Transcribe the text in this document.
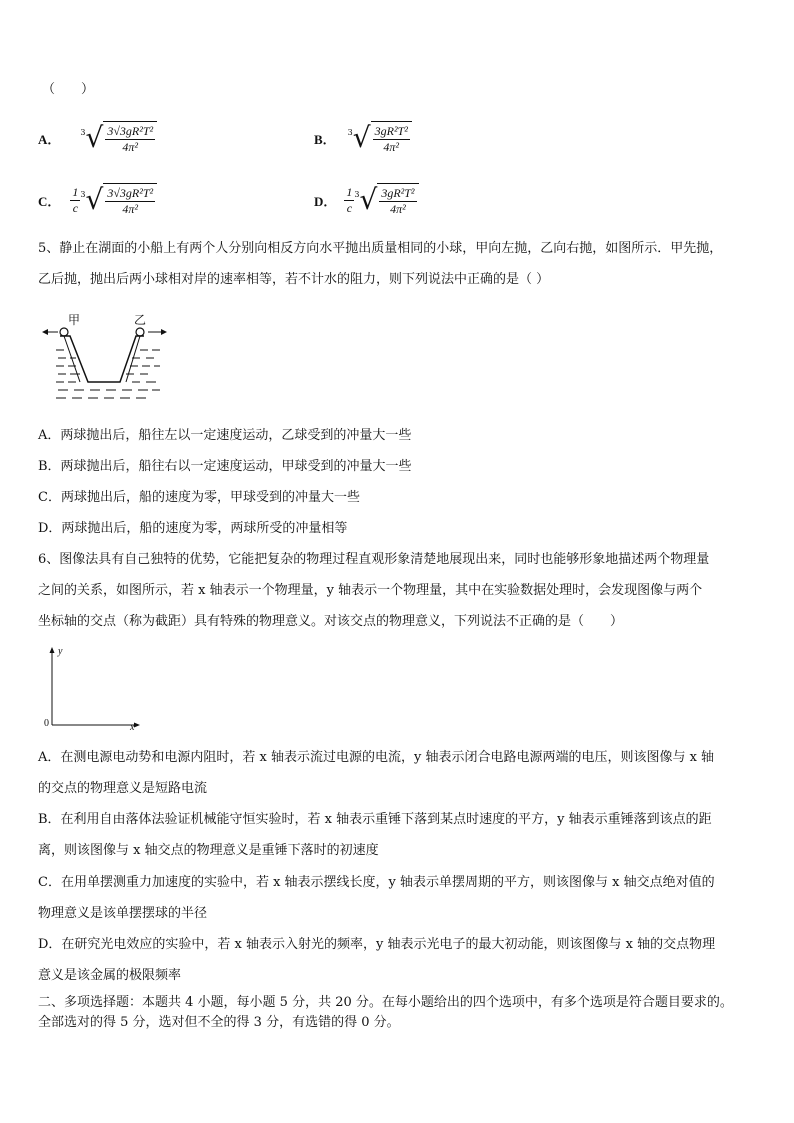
（　　）
A．	3 √ $\frac{\text{3√3gR²T²}}{\text{4π²}}$	B． 3 √ $\frac{\text{3gR²T²}}{\text{4π²}}$
C． $\frac{1}{c} 3$ √ $\frac{\text{3√3gR²T²}}{\text{4π²}}$	D． $\frac{1}{c} 3$ √ $\frac{\text{3gR²T²}}{\text{4π²}}$
5、静止在湖面的小船上有两个人分别向相反方向水平抛出质量相同的小球，甲向左抛，乙向右抛，如图所示．甲先抛，
乙后抛，抛出后两小球相对岸的速率相等，若不计水的阻力，则下列说法中正确的是（ ）
甲	乙
A．两球抛出后，船往左以一定速度运动，乙球受到的冲量大一些
B．两球抛出后，船往右以一定速度运动，甲球受到的冲量大一些
C．两球抛出后，船的速度为零，甲球受到的冲量大一些
D．两球抛出后，船的速度为零，两球所受的冲量相等
6、图像法具有自己独特的优势，它能把复杂的物理过程直观形象清楚地展现出来，同时也能够形象地描述两个物理量
之间的关系，如图所示，若 x 轴表示一个物理量，y 轴表示一个物理量，其中在实验数据处理时，会发现图像与两个
坐标轴的交点（称为截距）具有特殊的物理意义。对该交点的物理意义，下列说法不正确的是（　　）
y
x
0
A．在测电源电动势和电源内阻时，若 x 轴表示流过电源的电流，y 轴表示闭合电路电源两端的电压，则该图像与 x 轴
的交点的物理意义是短路电流
B．在利用自由落体法验证机械能守恒实验时，若 x 轴表示重锤下落到某点时速度的平方，y 轴表示重锤落到该点的距
离，则该图像与 x 轴交点的物理意义是重锤下落时的初速度
C．在用单摆测重力加速度的实验中，若 x 轴表示摆线长度，y 轴表示单摆周期的平方，则该图像与 x 轴交点绝对值的
物理意义是该单摆摆球的半径
D．在研究光电效应的实验中，若 x 轴表示入射光的频率，y 轴表示光电子的最大初动能，则该图像与 x 轴的交点物理
意义是该金属的极限频率
二、多项选择题：本题共 4 小题，每小题 5 分，共 20 分。在每小题给出的四个选项中，有多个选项是符合题目要求的。
全部选对的得 5 分，选对但不全的得 3 分，有选错的得 0 分。
